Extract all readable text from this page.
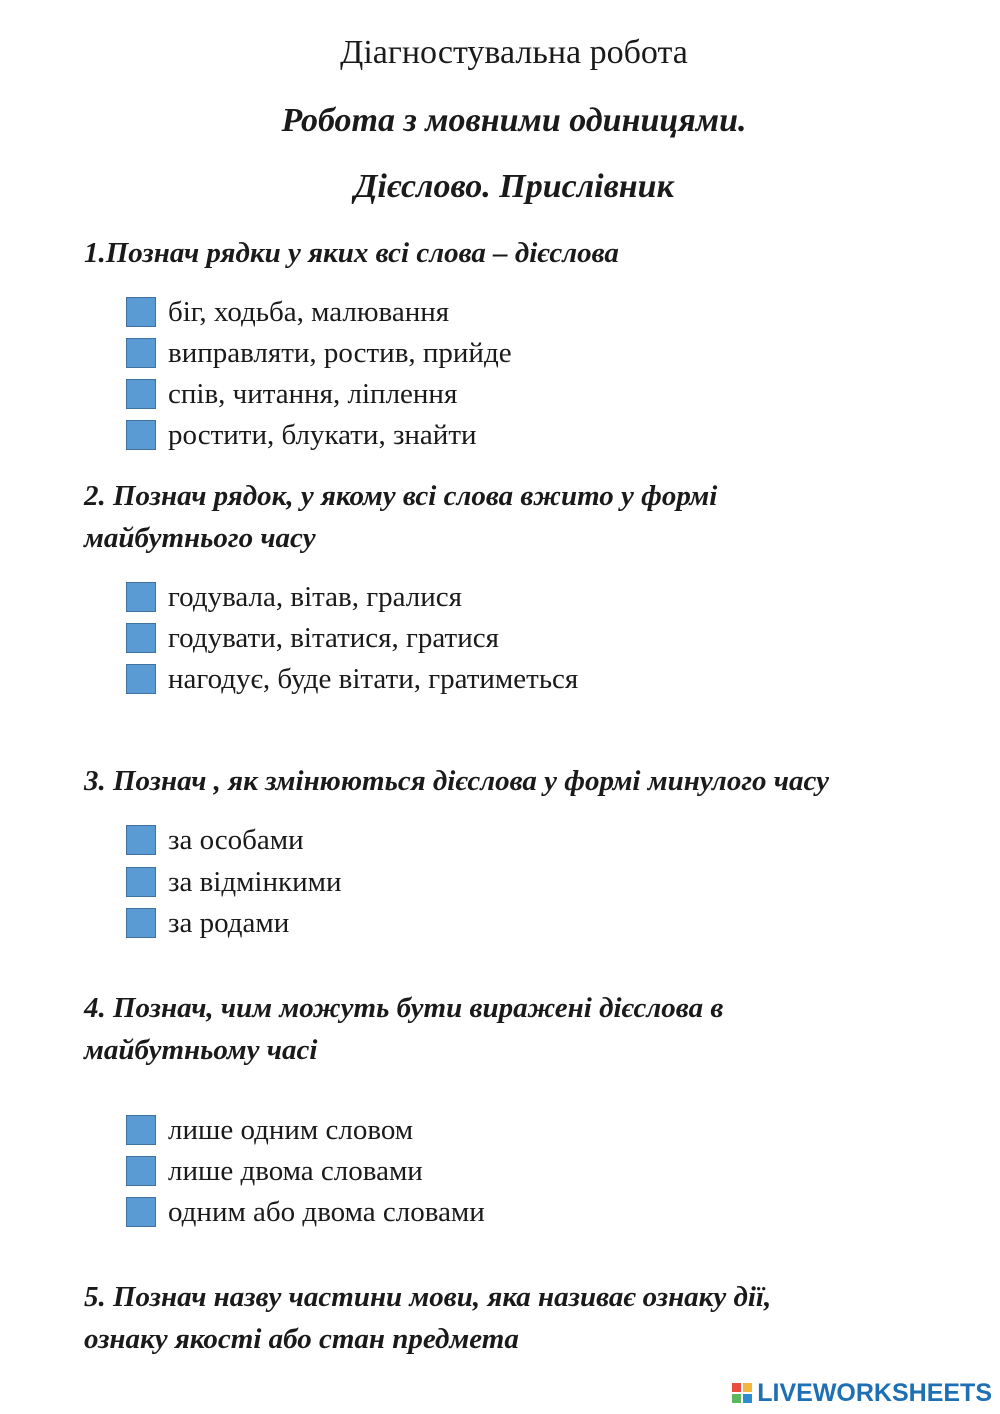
Діагностувальна робота
Робота з мовними одиницями.
Дієслово. Прислівник
1.Познач рядки у яких всі слова – дієслова
біг, ходьба, малювання
виправляти, ростив, прийде
спів, читання, ліплення
ростити, блукати, знайти
2. Познач рядок, у якому всі слова вжито у формі
майбутнього часу
годувала, вітав, гралися
годувати, вітатися, гратися
нагодує, буде вітати, гратиметься
3. Познач , як змінюються дієслова у формі минулого часу
за особами
за відмінкими
за родами
4. Познач, чим можуть бути виражені дієслова в
майбутньому часі
лише одним словом
лише двома словами
одним або двома словами
5. Познач назву частини мови, яка називає ознаку дії,
ознаку якості або стан предмета
LIVEWORKSHEETS
